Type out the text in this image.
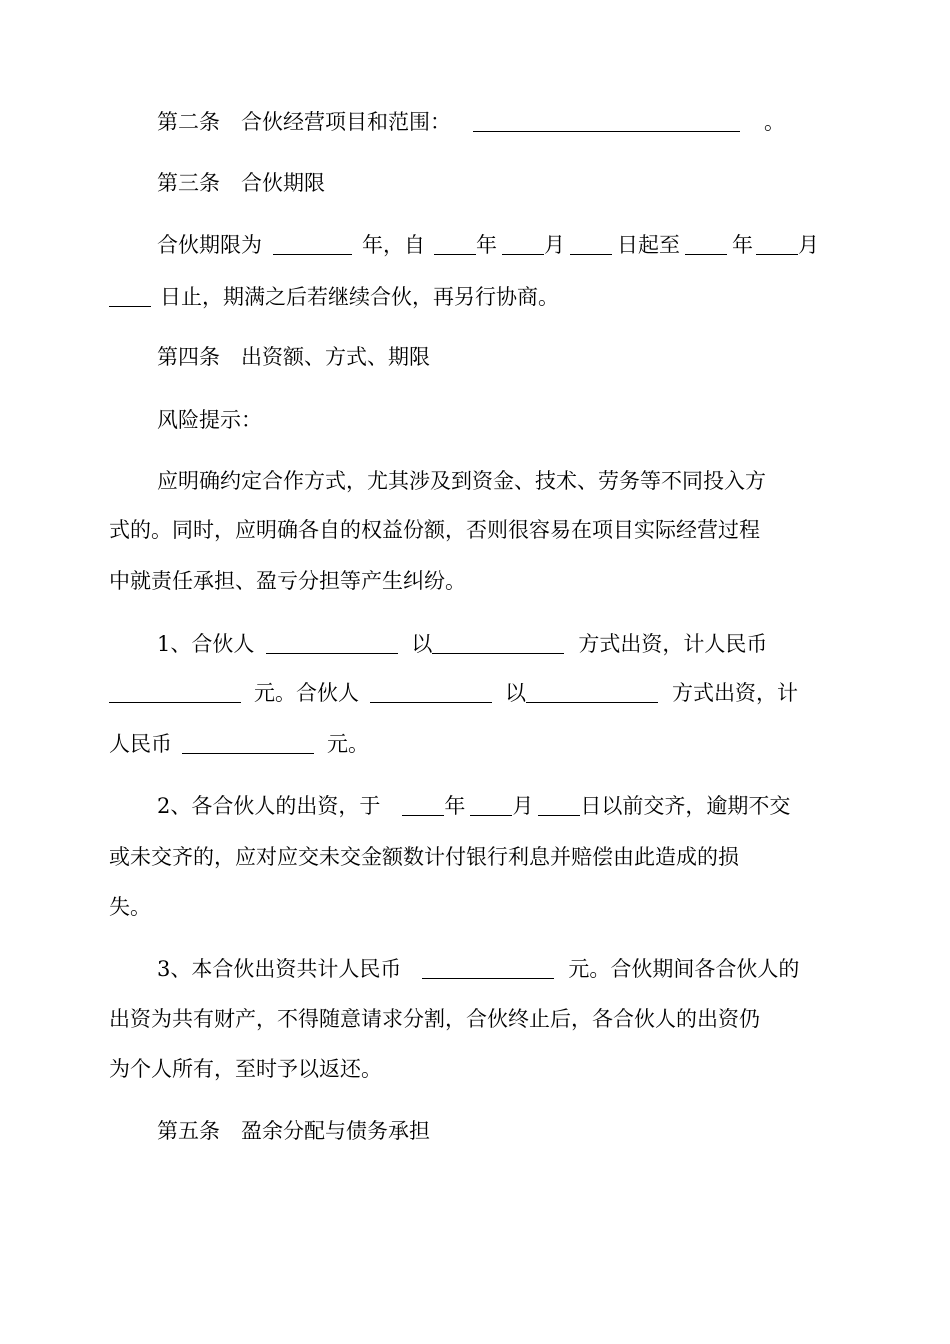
第二条 合伙经营项目和范围：	。
第三条 合伙期限
合伙期限为	年，自 年 月 日起至 年 月
日止，期满之后若继续合伙，再另行协商。
第四条 出资额、方式、期限
风险提示：
应明确约定合作方式，尤其涉及到资金、技术、劳务等不同投入方
式的。同时，应明确各自的权益份额，否则很容易在项目实际经营过程
中就责任承担、盈亏分担等产生纠纷。
1、合伙人	以	方式出资，计人民币
元。合伙人	以	方式出资，计
人民币	元。
2、各合伙人的出资，于	年 月 日以前交齐，逾期不交
或未交齐的，应对应交未交金额数计付银行利息并赔偿由此造成的损
失。
3、本合伙出资共计人民币	元。合伙期间各合伙人的
出资为共有财产，不得随意请求分割，合伙终止后，各合伙人的出资仍
为个人所有，至时予以返还。
第五条 盈余分配与债务承担
